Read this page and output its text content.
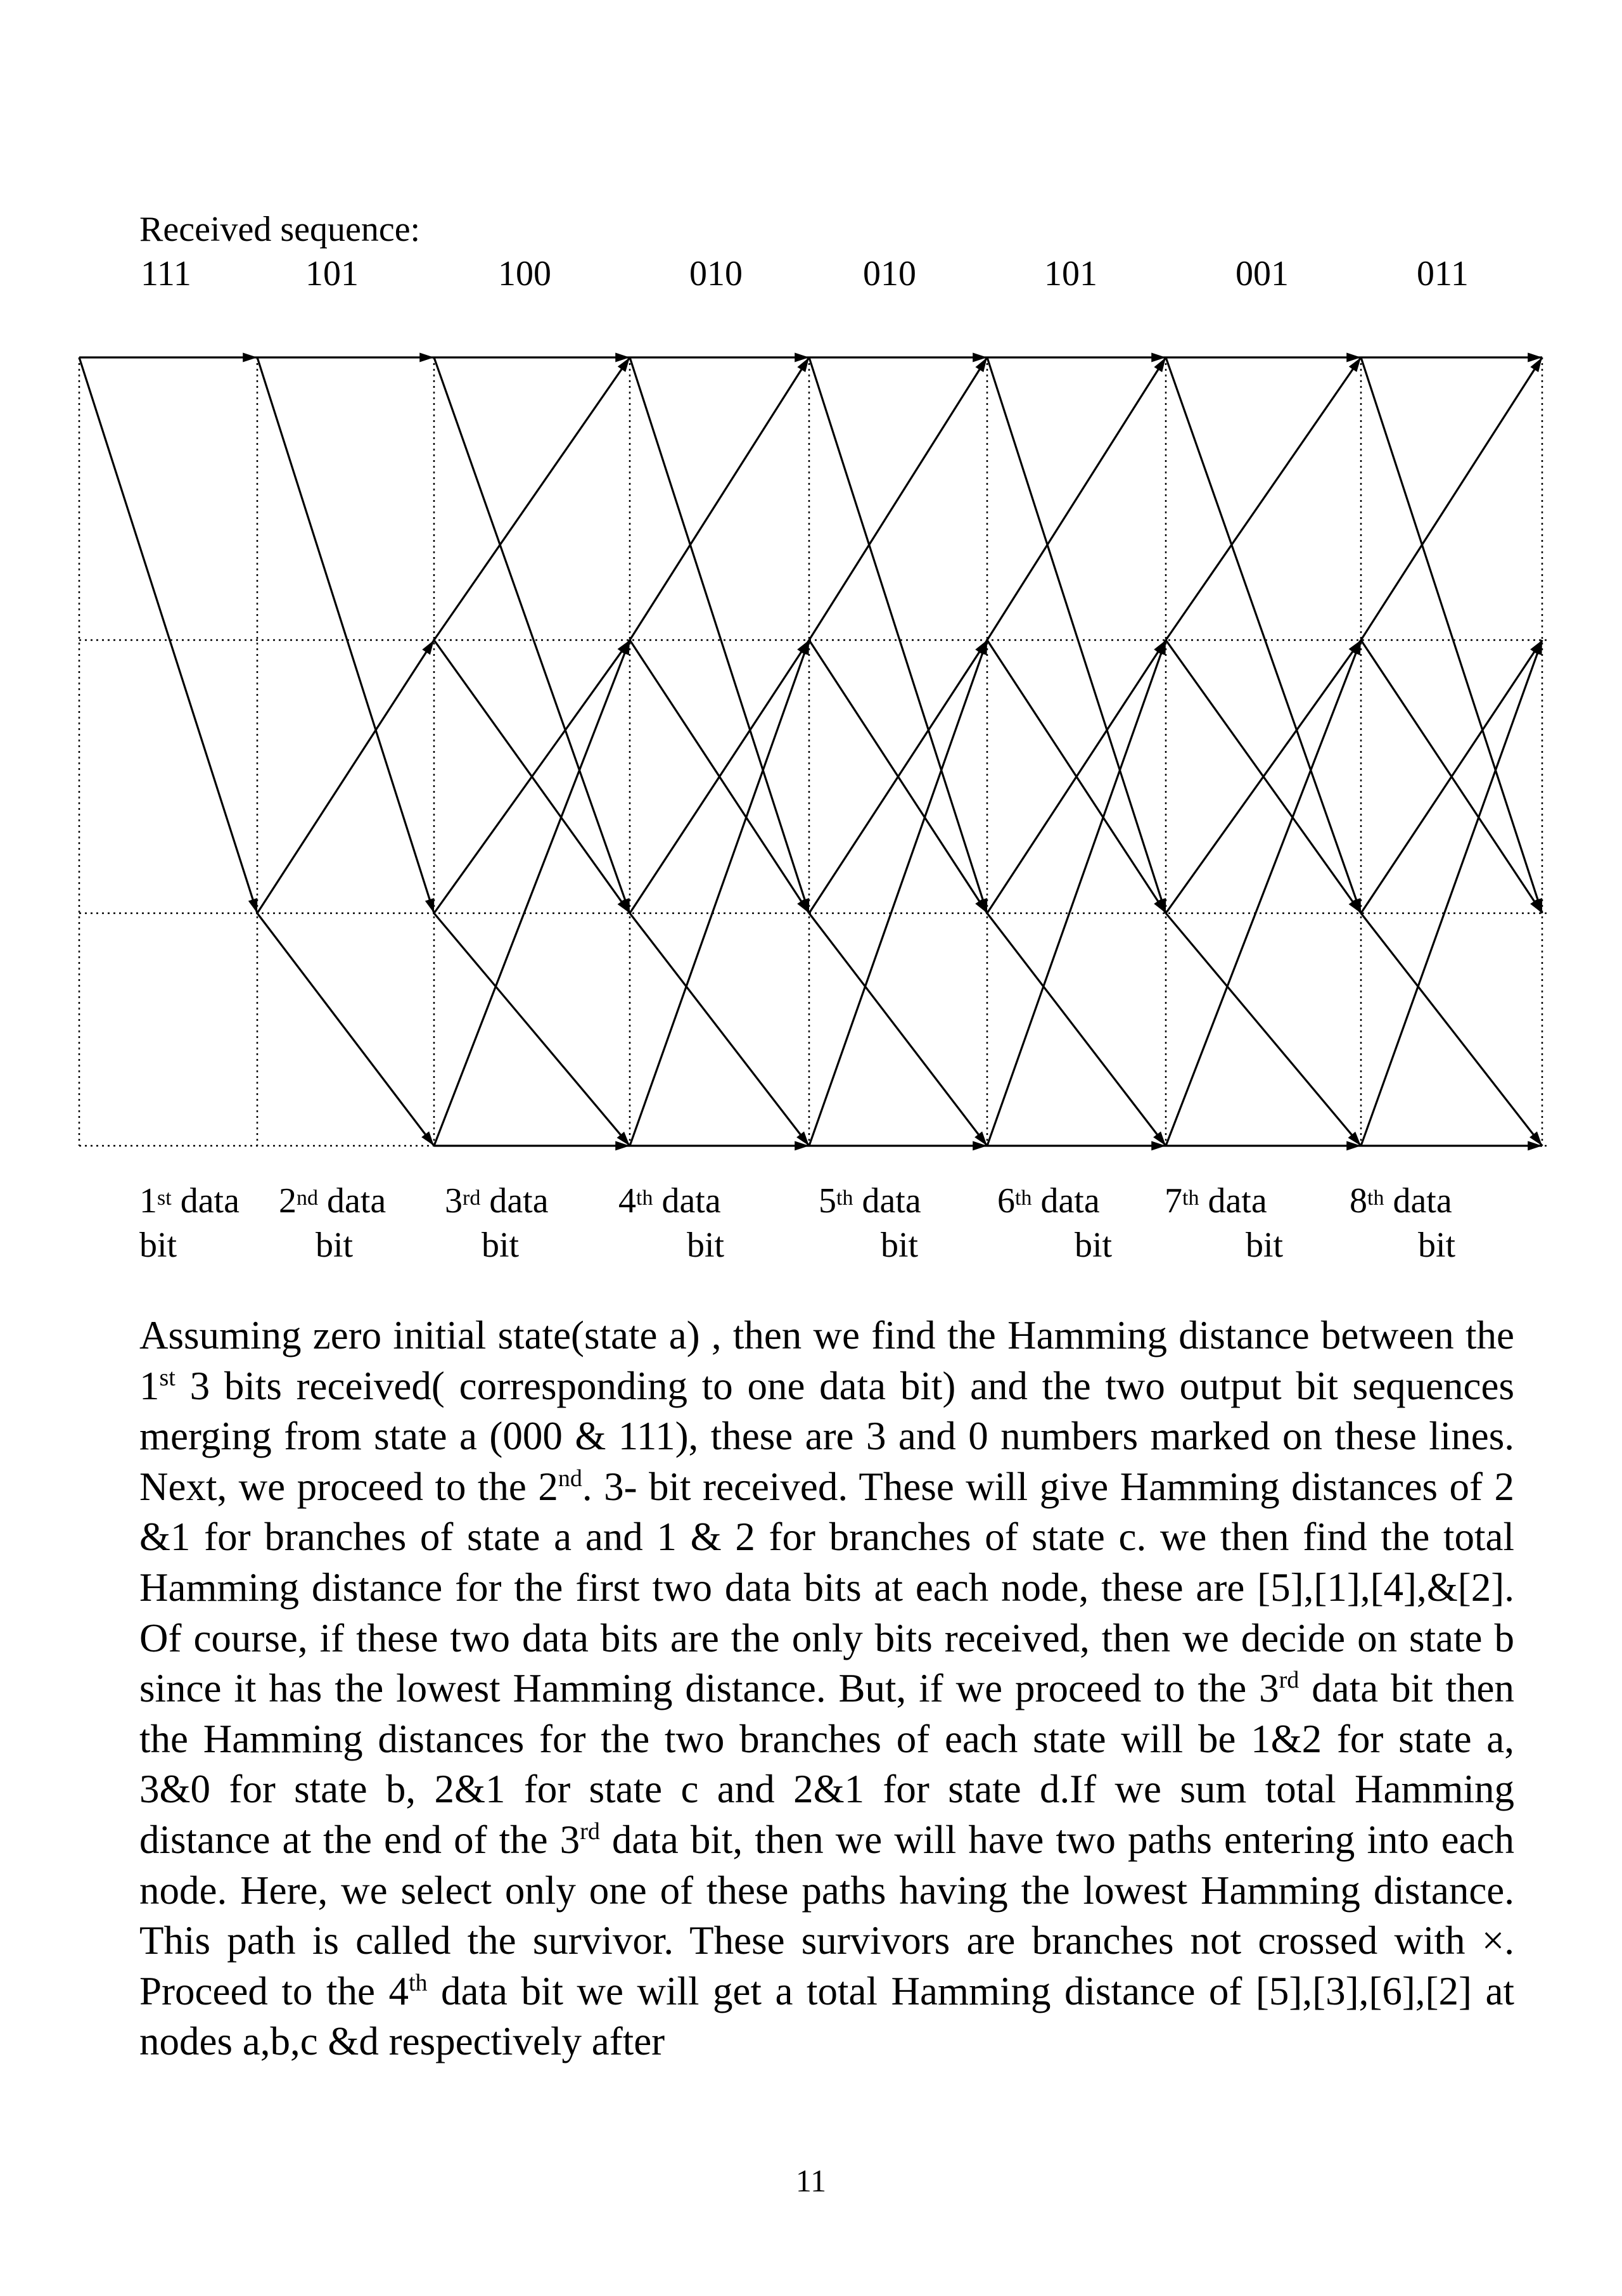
Received sequence:
111	101	100	010	010	101	001	011
1st data
bit
2nd data
bit
3rd data
bit
4th data
bit
5th data
bit
6th data
bit
7th data
bit
8th data
bit

Assuming zero initial state(state a) , then we find the Hamming distance between the 1st 3 bits received( corresponding to one data bit) and the two output bit sequences merging from state a (000 & 111), these are 3 and 0 numbers marked on these lines. Next, we proceed to the 2nd. 3- bit received. These will give Hamming distances of 2 &1 for branches of state a and 1 & 2 for branches of state c. we then find the total Hamming distance for the first two data bits at each node, these are [5],[1],[4],&[2]. Of course, if these two data bits are the only bits received, then we decide on state b since it has the lowest Hamming distance. But, if we proceed to the 3rd data bit then the Hamming distances for the two branches of each state will be 1&2 for state a, 3&0 for state b, 2&1 for state c and 2&1 for state d.If we sum total Hamming distance at the end of the 3rd data bit, then we will have two paths entering into each node. Here, we select only one of these paths having the lowest Hamming distance. This path is called the survivor. These survivors are branches not crossed with ×. Proceed to the 4th data bit we will get a total Hamming distance of [5],[3],[6],[2] at nodes a,b,c &d respectively after

11
